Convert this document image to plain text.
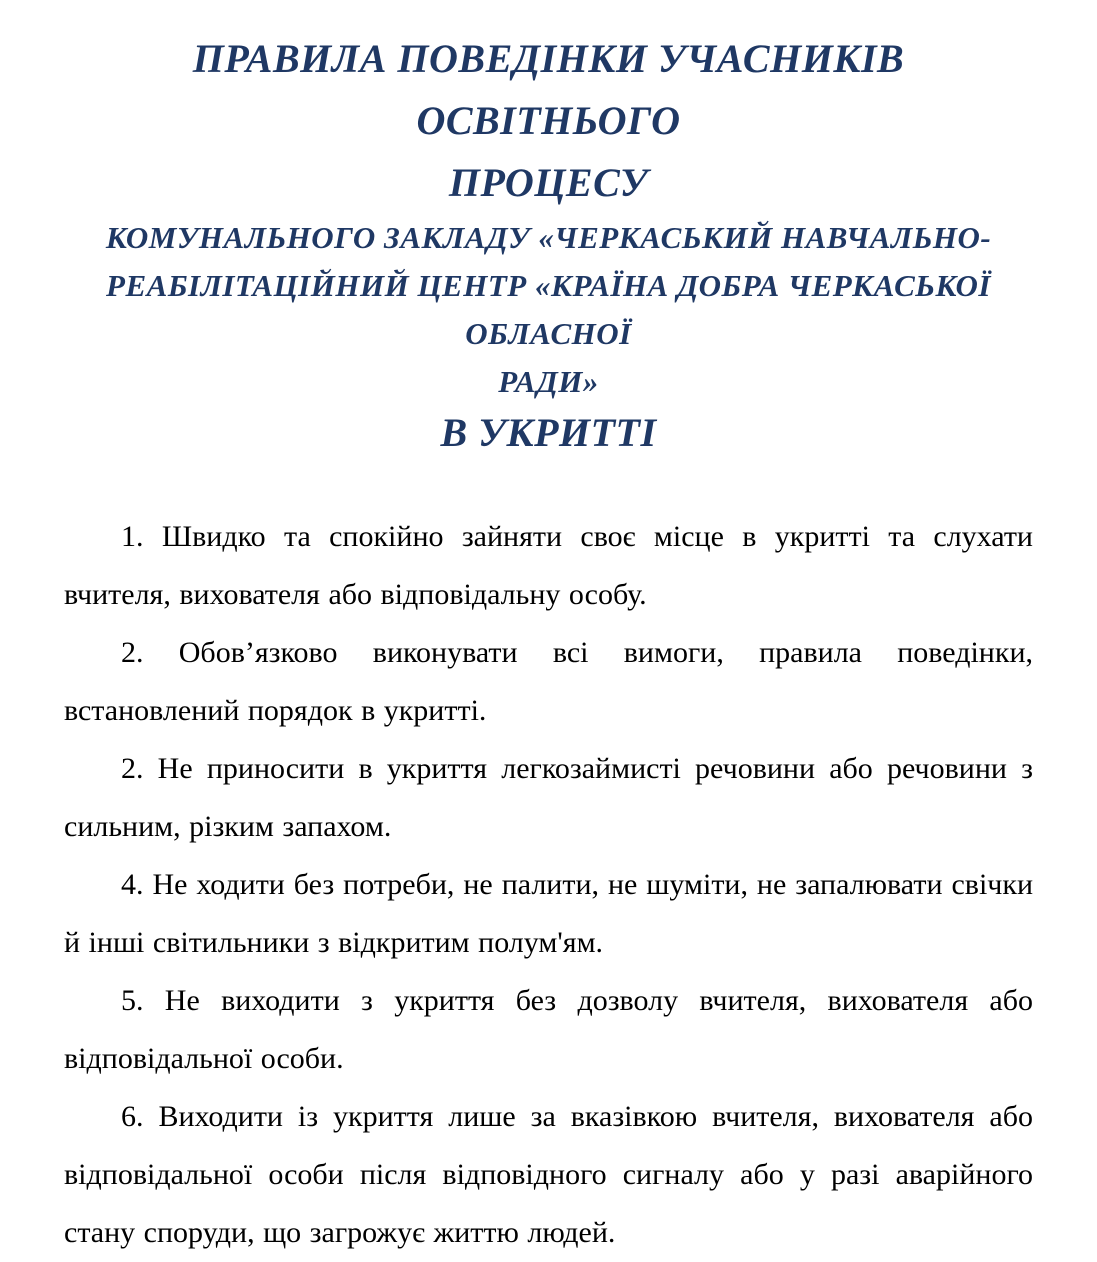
ПРАВИЛА ПОВЕДІНКИ УЧАСНИКІВ ОСВІТНЬОГО
ПРОЦЕСУ
КОМУНАЛЬНОГО ЗАКЛАДУ «ЧЕРКАСЬКИЙ НАВЧАЛЬНО-
РЕАБІЛІТАЦІЙНИЙ ЦЕНТР «КРАЇНА ДОБРА ЧЕРКАСЬКОЇ ОБЛАСНОЇ
РАДИ»
В УКРИТТІ

1. Швидко та спокійно зайняти своє місце в укритті та слухати вчителя, вихователя або відповідальну особу.

2. Обов’язково виконувати всі вимоги, правила поведінки, встановлений порядок в укритті.

2. Не приносити в укриття легкозаймисті речовини або речовини з сильним, різким запахом.

4. Не ходити без потреби, не палити, не шуміти, не запалювати свічки й інші світильники з відкритим полум'ям.

5. Не виходити з укриття без дозволу вчителя, вихователя або відповідальної особи.

6. Виходити із укриття лише за вказівкою вчителя, вихователя або відповідальної особи після відповідного сигналу або у разі аварійного стану споруди, що загрожує життю людей.
